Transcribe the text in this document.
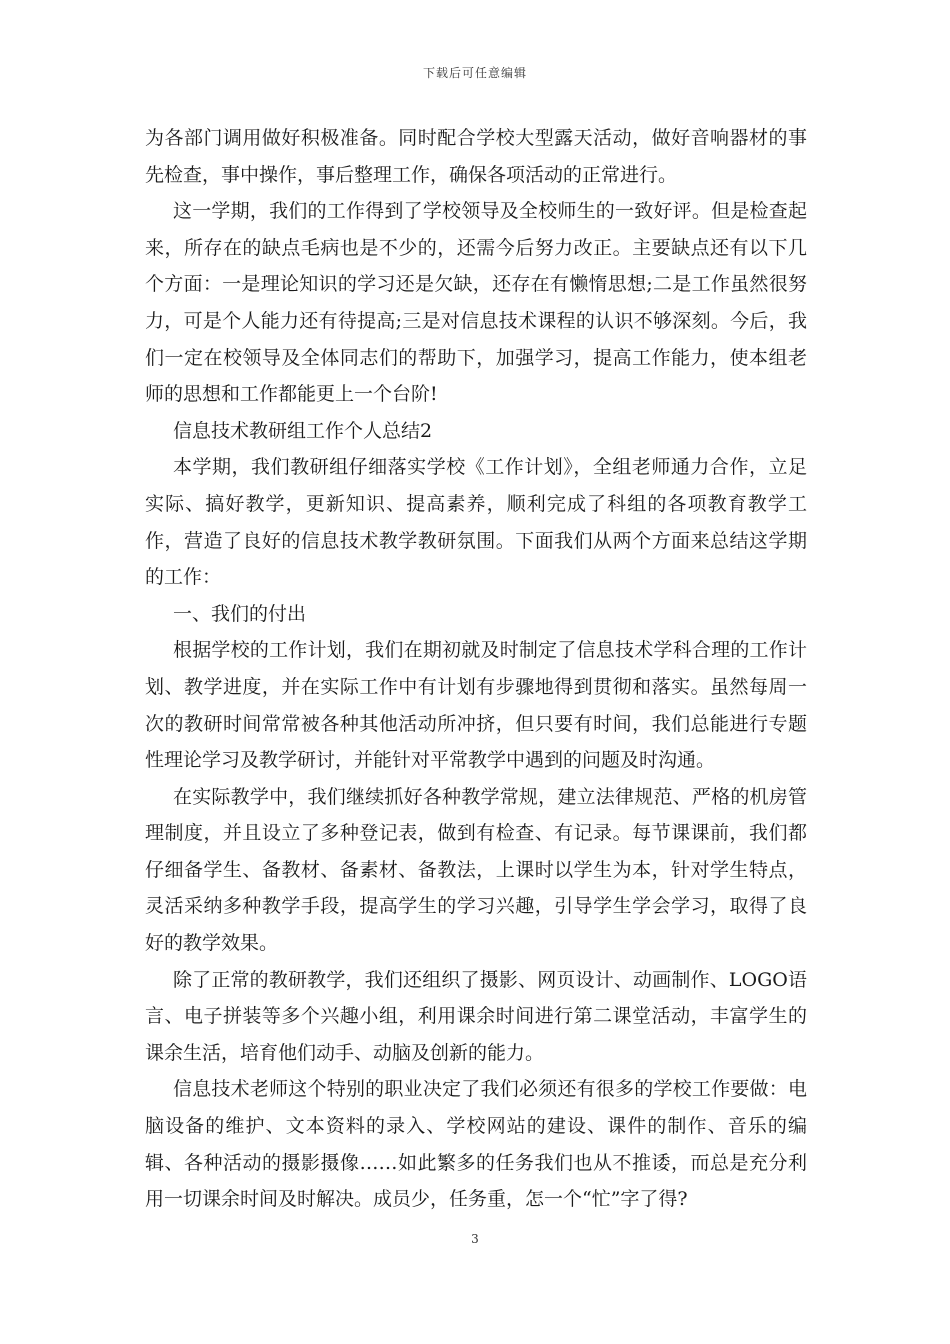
下载后可任意编辑

为各部门调用做好积极准备。同时配合学校大型露天活动，做好音响器材的事先检查，事中操作，事后整理工作，确保各项活动的正常进行。

这一学期，我们的工作得到了学校领导及全校师生的一致好评。但是检查起来，所存在的缺点毛病也是不少的，还需今后努力改正。主要缺点还有以下几个方面：一是理论知识的学习还是欠缺，还存在有懒惰思想;二是工作虽然很努力，可是个人能力还有待提高;三是对信息技术课程的认识不够深刻。今后，我们一定在校领导及全体同志们的帮助下，加强学习，提高工作能力，使本组老师的思想和工作都能更上一个台阶!

信息技术教研组工作个人总结2

本学期，我们教研组仔细落实学校《工作计划》，全组老师通力合作，立足实际、搞好教学，更新知识、提高素养，顺利完成了科组的各项教育教学工作，营造了良好的信息技术教学教研氛围。下面我们从两个方面来总结这学期的工作：

一、我们的付出

根据学校的工作计划，我们在期初就及时制定了信息技术学科合理的工作计划、教学进度，并在实际工作中有计划有步骤地得到贯彻和落实。虽然每周一次的教研时间常常被各种其他活动所冲挤，但只要有时间，我们总能进行专题性理论学习及教学研讨，并能针对平常教学中遇到的问题及时沟通。

在实际教学中，我们继续抓好各种教学常规，建立法律规范、严格的机房管理制度，并且设立了多种登记表，做到有检查、有记录。每节课课前，我们都仔细备学生、备教材、备素材、备教法，上课时以学生为本，针对学生特点，灵活采纳多种教学手段，提高学生的学习兴趣，引导学生学会学习，取得了良好的教学效果。

除了正常的教研教学，我们还组织了摄影、网页设计、动画制作、LOGO语言、电子拼装等多个兴趣小组，利用课余时间进行第二课堂活动，丰富学生的课余生活，培育他们动手、动脑及创新的能力。

信息技术老师这个特别的职业决定了我们必须还有很多的学校工作要做：电脑设备的维护、文本资料的录入、学校网站的建设、课件的制作、音乐的编辑、各种活动的摄影摄像……如此繁多的任务我们也从不推诿，而总是充分利用一切课余时间及时解决。成员少，任务重，怎一个“忙”字了得?

3
